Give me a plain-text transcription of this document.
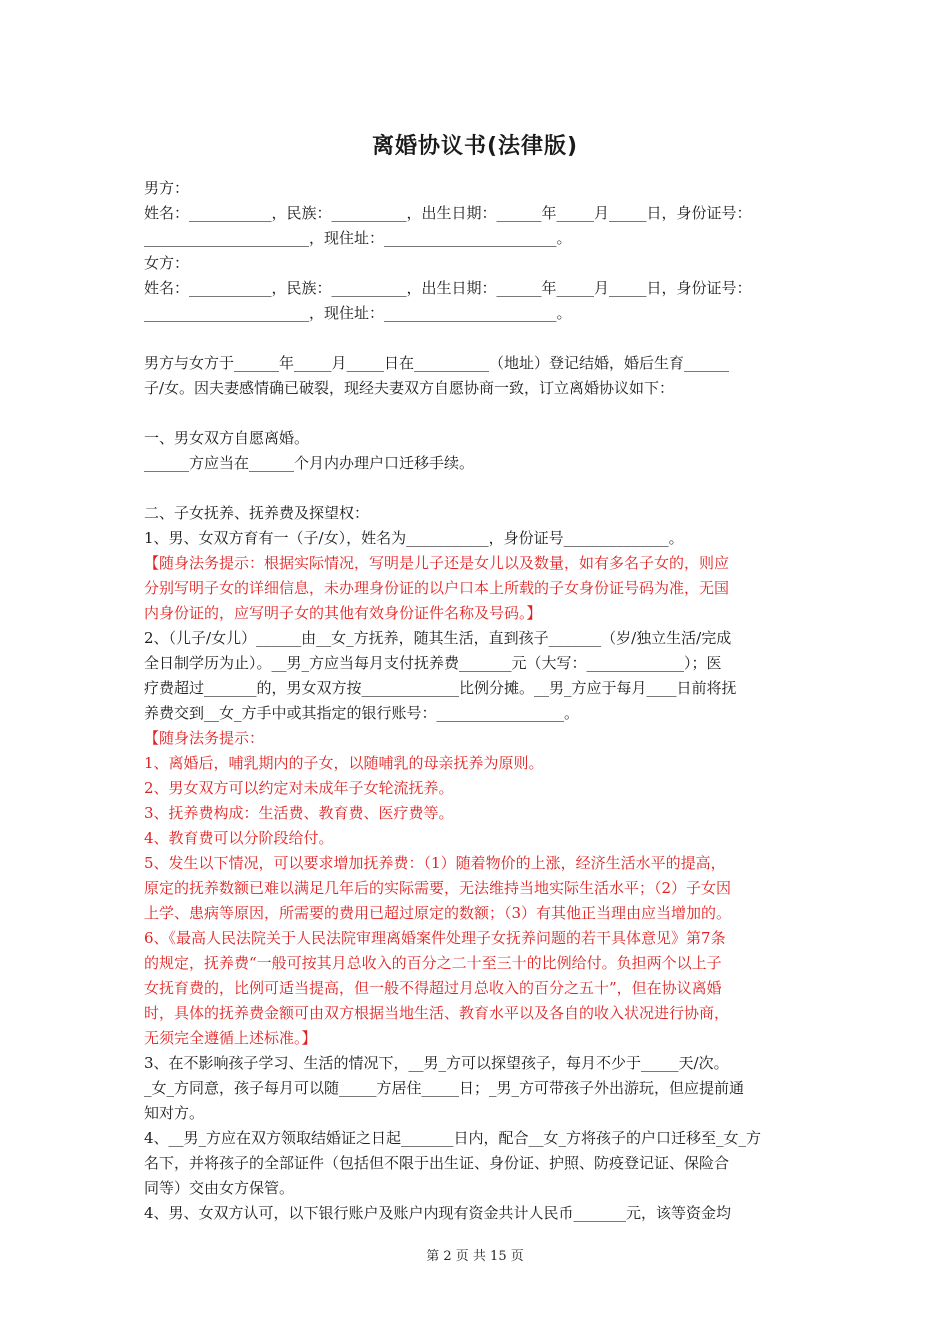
离婚协议书(法律版)
男方：
姓名：___________，民族：__________，出生日期：______年_____月_____日，身份证号：
______________________，现住址：_______________________。
女方：
姓名：___________，民族：__________，出生日期：______年_____月_____日，身份证号：
______________________，现住址：_______________________。
男方与女方于______年_____月_____日在__________（地址）登记结婚，婚后生育______
子/女。因夫妻感情确已破裂，现经夫妻双方自愿协商一致，订立离婚协议如下：
一、男女双方自愿离婚。
______方应当在______个月内办理户口迁移手续。
二、子女抚养、抚养费及探望权：
1、男、女双方育有一（子/女），姓名为___________，身份证号______________。
【随身法务提示：根据实际情况，写明是儿子还是女儿以及数量，如有多名子女的，则应
分别写明子女的详细信息，未办理身份证的以户口本上所载的子女身份证号码为准，无国
内身份证的，应写明子女的其他有效身份证件名称及号码。】
2、（儿子/女儿）______由__女_方抚养，随其生活，直到孩子_______（岁/独立生活/完成
全日制学历为止）。__男_方应当每月支付抚养费_______元（大写：_____________）；医
疗费超过_______的，男女双方按_____________比例分摊。__男_方应于每月____日前将抚
养费交到__女_方手中或其指定的银行账号：_________________。
【随身法务提示：
1、离婚后，哺乳期内的子女，以随哺乳的母亲抚养为原则。
2、男女双方可以约定对未成年子女轮流抚养。
3、抚养费构成：生活费、教育费、医疗费等。
4、教育费可以分阶段给付。
5、发生以下情况，可以要求增加抚养费：（1）随着物价的上涨，经济生活水平的提高，
原定的抚养数额已难以满足几年后的实际需要，无法维持当地实际生活水平；（2）子女因
上学、患病等原因，所需要的费用已超过原定的数额；（3）有其他正当理由应当增加的。
6、《最高人民法院关于人民法院审理离婚案件处理子女抚养问题的若干具体意见》第7条
的规定，抚养费“一般可按其月总收入的百分之二十至三十的比例给付。负担两个以上子
女抚育费的，比例可适当提高，但一般不得超过月总收入的百分之五十”，但在协议离婚
时，具体的抚养费金额可由双方根据当地生活、教育水平以及各自的收入状况进行协商，
无须完全遵循上述标准。】
3、在不影响孩子学习、生活的情况下，__男_方可以探望孩子，每月不少于_____天/次。
_女_方同意，孩子每月可以随_____方居住_____日；_男_方可带孩子外出游玩，但应提前通
知对方。
4、__男_方应在双方领取结婚证之日起_______日内，配合__女_方将孩子的户口迁移至_女_方
名下，并将孩子的全部证件（包括但不限于出生证、身份证、护照、防疫登记证、保险合
同等）交由女方保管。
4、男、女双方认可，以下银行账户及账户内现有资金共计人民币_______元，该等资金均
第 2 页 共 15 页
